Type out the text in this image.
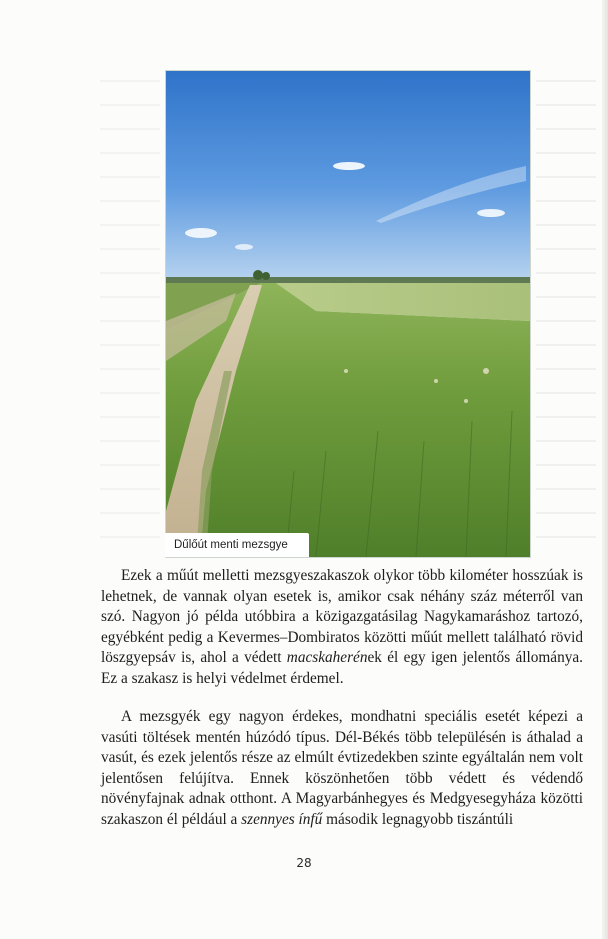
Dűlőút menti mezsgye

Ezek a műút melletti mezsgyeszakaszok olykor több kilométer hosszúak is lehetnek, de vannak olyan esetek is, amikor csak néhány száz méterről van szó. Nagyon jó példa utóbbira a közigazgatásilag Nagykamaráshoz tartozó, egyébként pedig a Kevermes–Dombiratos közötti műút mellett található rövid löszgyepsáv is, ahol a védett macskaherének él egy igen jelentős állománya. Ez a szakasz is helyi védelmet érdemel.

A mezsgyék egy nagyon érdekes, mondhatni speciális esetét képezi a vasúti töltések mentén húzódó típus. Dél-Békés több településén is áthalad a vasút, és ezek jelentős része az elmúlt évtizedekben szinte egyáltalán nem volt jelentősen felújítva. Ennek köszönhetően több védett és védendő növényfajnak adnak otthont. A Magyarbánhegyes és Medgyesegyháza közötti szakaszon él például a szennyes ínfű második legnagyobb tiszántúli

28
